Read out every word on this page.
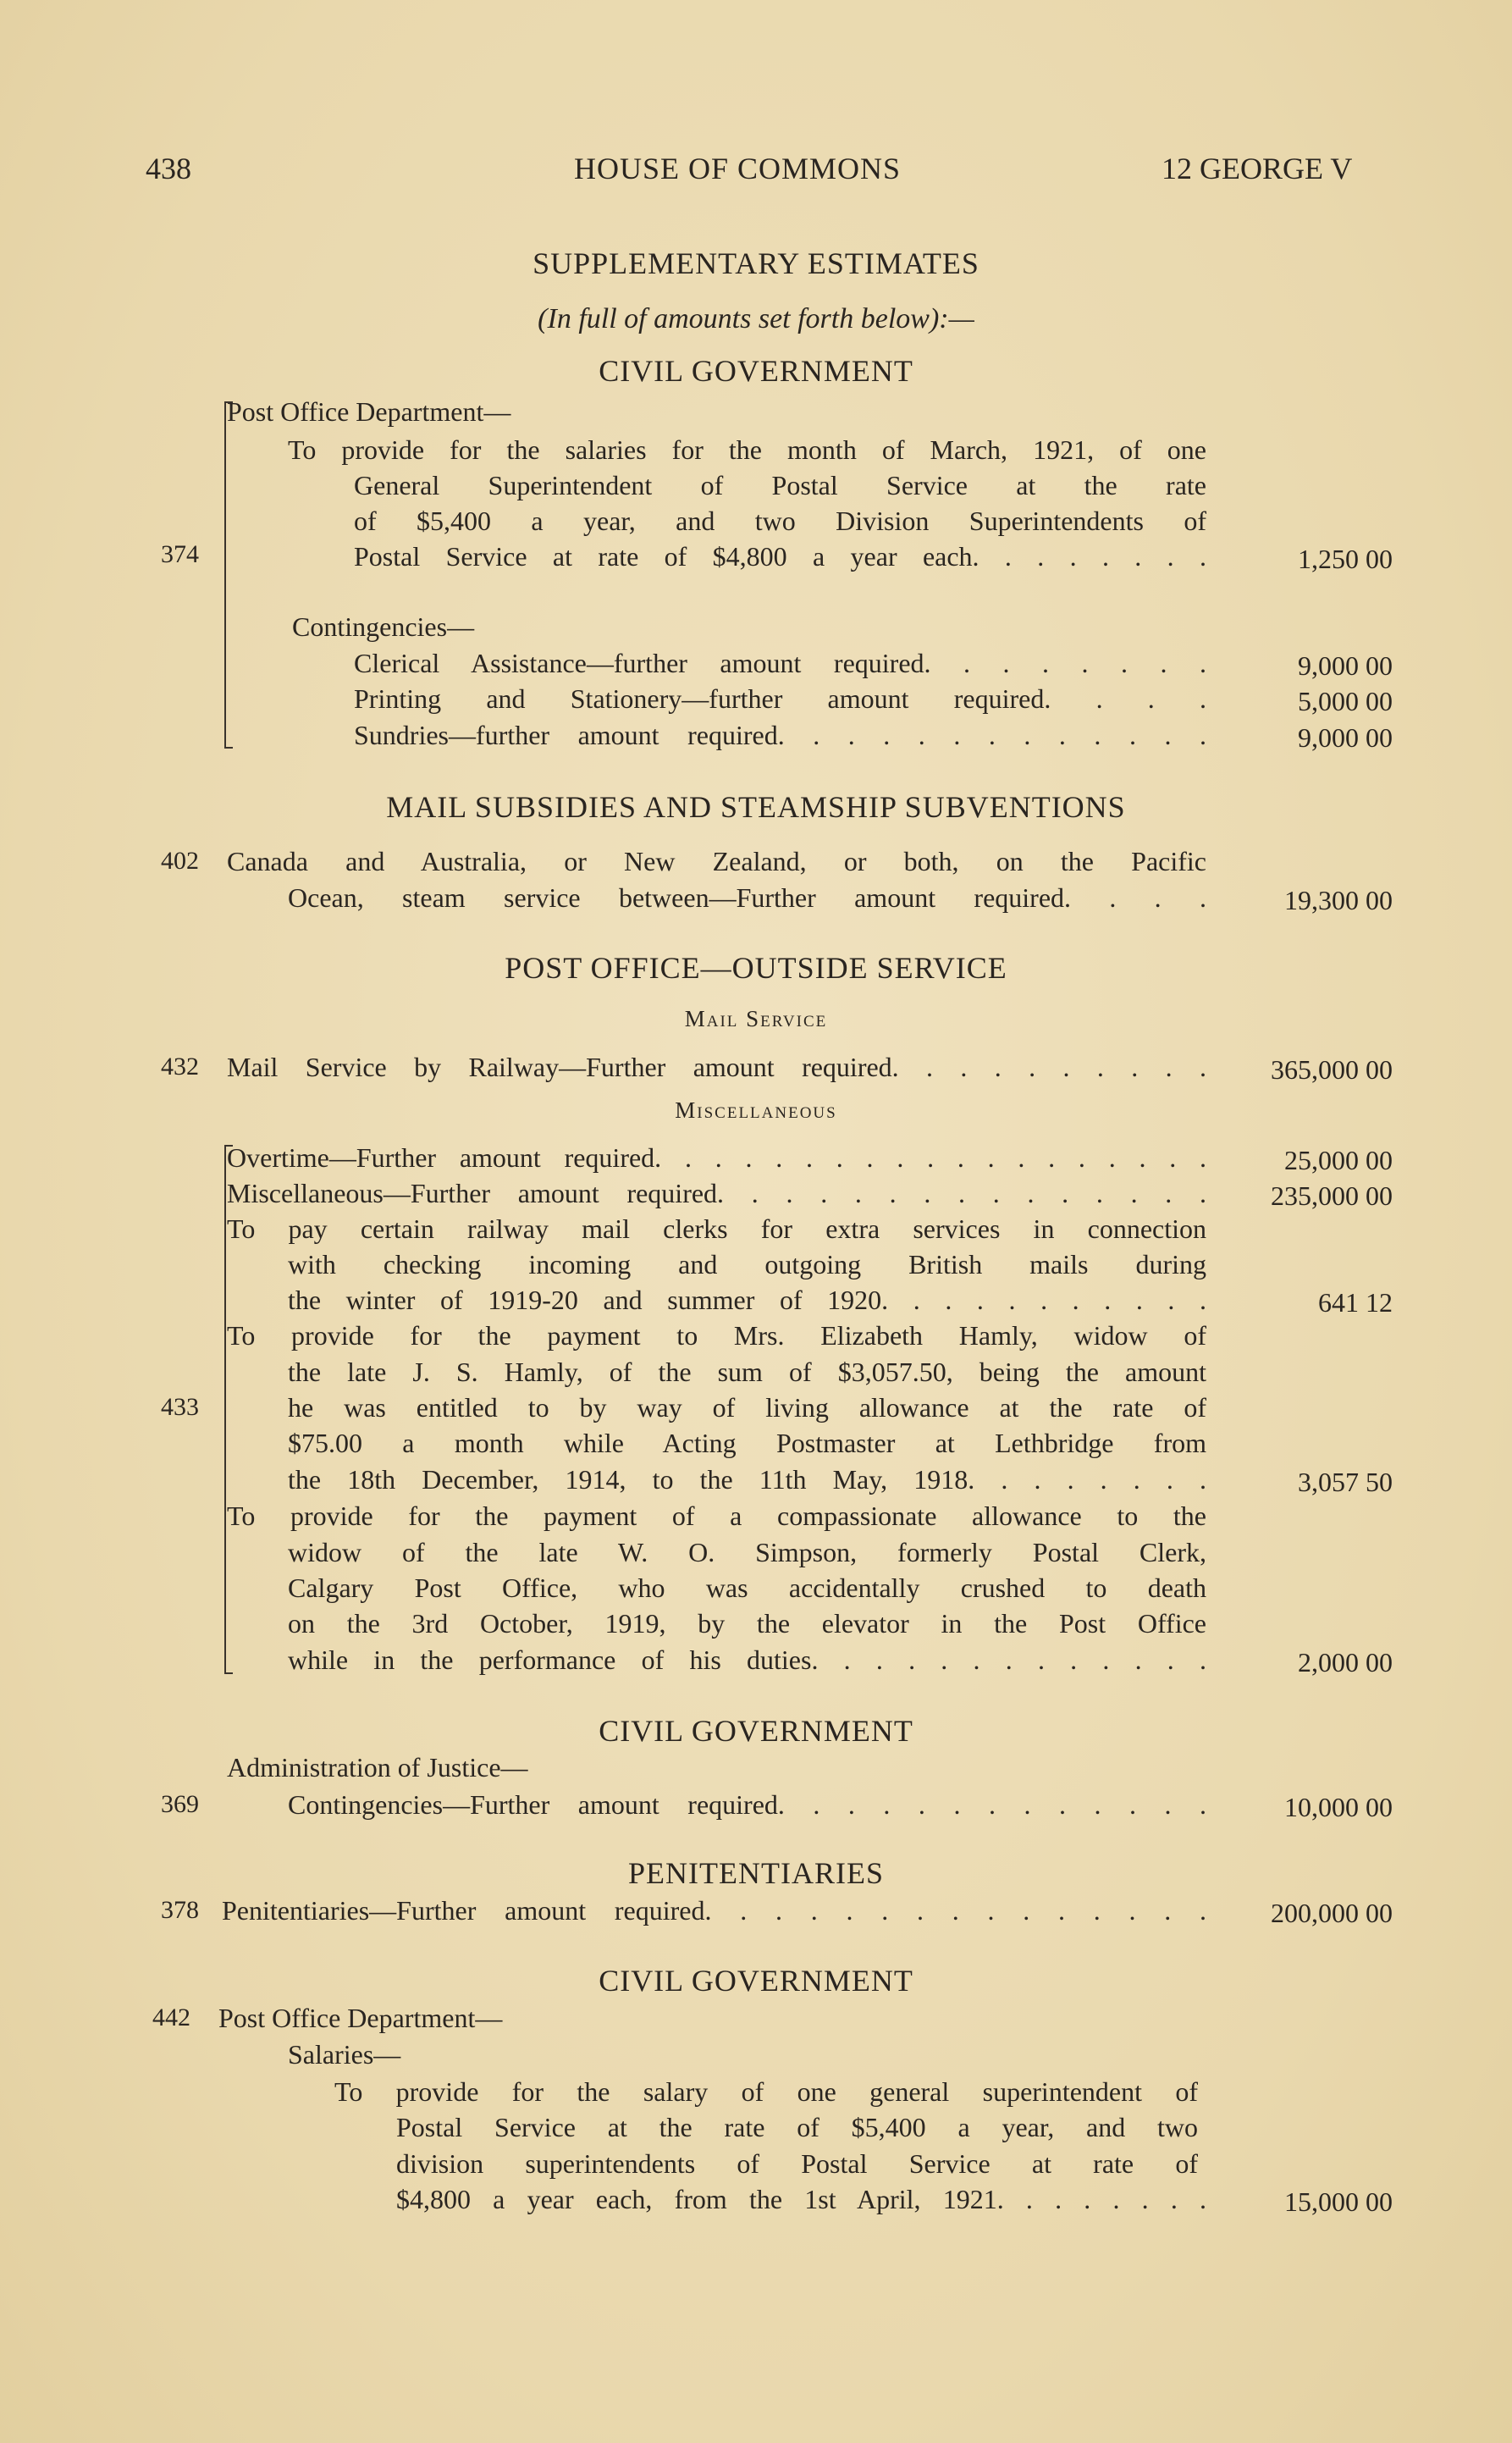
438	HOUSE OF COMMONS	12 GEORGE V
SUPPLEMENTARY ESTIMATES
(In full of amounts set forth below):—
CIVIL GOVERNMENT
374
Post Office Department—
To provide for the salaries for the month of March, 1921, of one
General Superintendent of Postal Service at the rate
of $5,400 a year, and two Division Superintendents of
Postal Service at rate of $4,800 a year each. . . . . . . .	1,250 00
Contingencies—
Clerical Assistance—further amount required. . . . . . . .	9,000 00
Printing and Stationery—further amount required. . . .	5,000 00
Sundries—further amount required. . . . . . . . . . . . .	9,000 00
MAIL SUBSIDIES AND STEAMSHIP SUBVENTIONS
402 Canada and Australia, or New Zealand, or both, on the Pacific
Ocean, steam service between—Further amount required. . . .	19,300 00
POST OFFICE—OUTSIDE SERVICE
Mail Service
432 Mail Service by Railway—Further amount required. . . . . . . . . .	365,000 00
Miscellaneous
433
Overtime—Further amount required. . . . . . . . . . . . . . . . . . .	25,000 00
Miscellaneous—Further amount required. . . . . . . . . . . . . . .	235,000 00
To pay certain railway mail clerks for extra services in connection
with checking incoming and outgoing British mails during
the winter of 1919-20 and summer of 1920. . . . . . . . . . .	641 12
To provide for the payment to Mrs. Elizabeth Hamly, widow of
the late J. S. Hamly, of the sum of $3,057.50, being the amount
he was entitled to by way of living allowance at the rate of
$75.00 a month while Acting Postmaster at Lethbridge from
the 18th December, 1914, to the 11th May, 1918. . . . . . . .	3,057 50
To provide for the payment of a compassionate allowance to the
widow of the late W. O. Simpson, formerly Postal Clerk,
Calgary Post Office, who was accidentally crushed to death
on the 3rd October, 1919, by the elevator in the Post Office
while in the performance of his duties. . . . . . . . . . . . .	2,000 00
CIVIL GOVERNMENT
Administration of Justice—
369	Contingencies—Further amount required. . . . . . . . . . . . .	10,000 00
PENITENTIARIES
378 Penitentiaries—Further amount required. . . . . . . . . . . . . . .	200,000 00
CIVIL GOVERNMENT
442 Post Office Department—
Salaries—
To provide for the salary of one general superintendent of
Postal Service at the rate of $5,400 a year, and two
division superintendents of Postal Service at rate of
$4,800 a year each, from the 1st April, 1921. . . . . . . .	15,000 00
